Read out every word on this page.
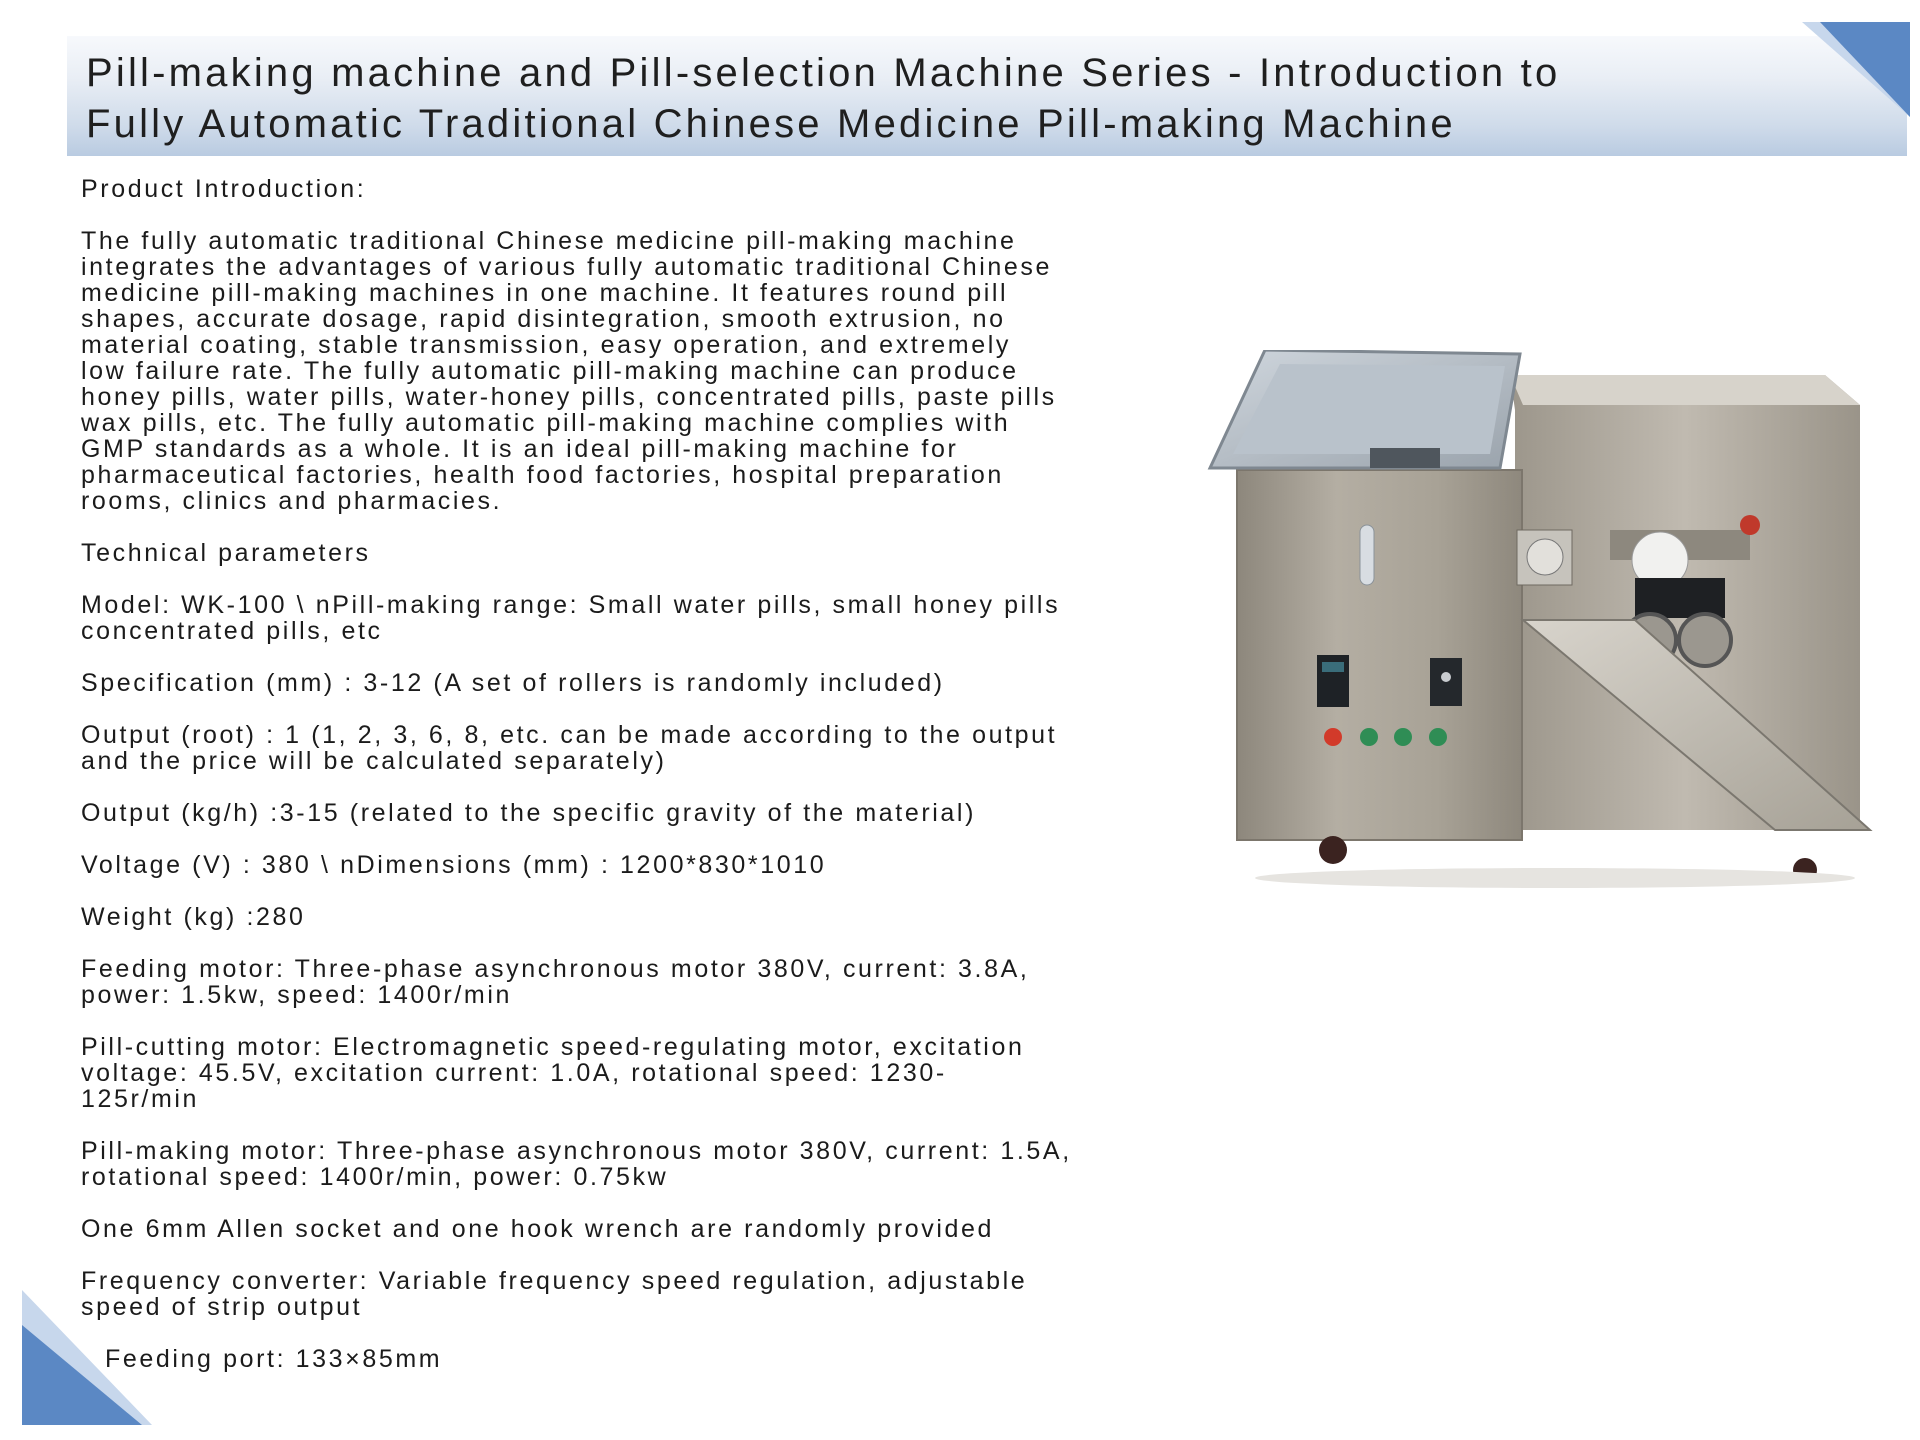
Pill-making machine and Pill-selection Machine Series - Introduction to
Fully Automatic Traditional Chinese Medicine Pill-making Machine

Product Introduction:

The fully automatic traditional Chinese medicine pill-making machine
integrates the advantages of various fully automatic traditional Chinese
medicine pill-making machines in one machine. It features round pill
shapes, accurate dosage, rapid disintegration, smooth extrusion, no
material coating, stable transmission, easy operation, and extremely
low failure rate. The fully automatic pill-making machine can produce
honey pills, water pills, water-honey pills, concentrated pills, paste pills
wax pills, etc. The fully automatic pill-making machine complies with
GMP standards as a whole. It is an ideal pill-making machine for
pharmaceutical factories, health food factories, hospital preparation
rooms, clinics and pharmacies.

Technical parameters

Model: WK-100 \ nPill-making range: Small water pills, small honey pills
concentrated pills, etc

Specification (mm) : 3-12 (A set of rollers is randomly included)

Output (root) : 1 (1, 2, 3, 6, 8, etc. can be made according to the output
and the price will be calculated separately)

Output (kg/h) :3-15 (related to the specific gravity of the material)

Voltage (V) : 380 \ nDimensions (mm) : 1200*830*1010

Weight (kg) :280

Feeding motor: Three-phase asynchronous motor 380V, current: 3.8A,
power: 1.5kw, speed: 1400r/min

Pill-cutting motor: Electromagnetic speed-regulating motor, excitation
voltage: 45.5V, excitation current: 1.0A, rotational speed: 1230-
125r/min

Pill-making motor: Three-phase asynchronous motor 380V, current: 1.5A,
rotational speed: 1400r/min, power: 0.75kw

One 6mm Allen socket and one hook wrench are randomly provided

Frequency converter: Variable frequency speed regulation, adjustable
speed of strip output

Feeding port: 133×85mm
